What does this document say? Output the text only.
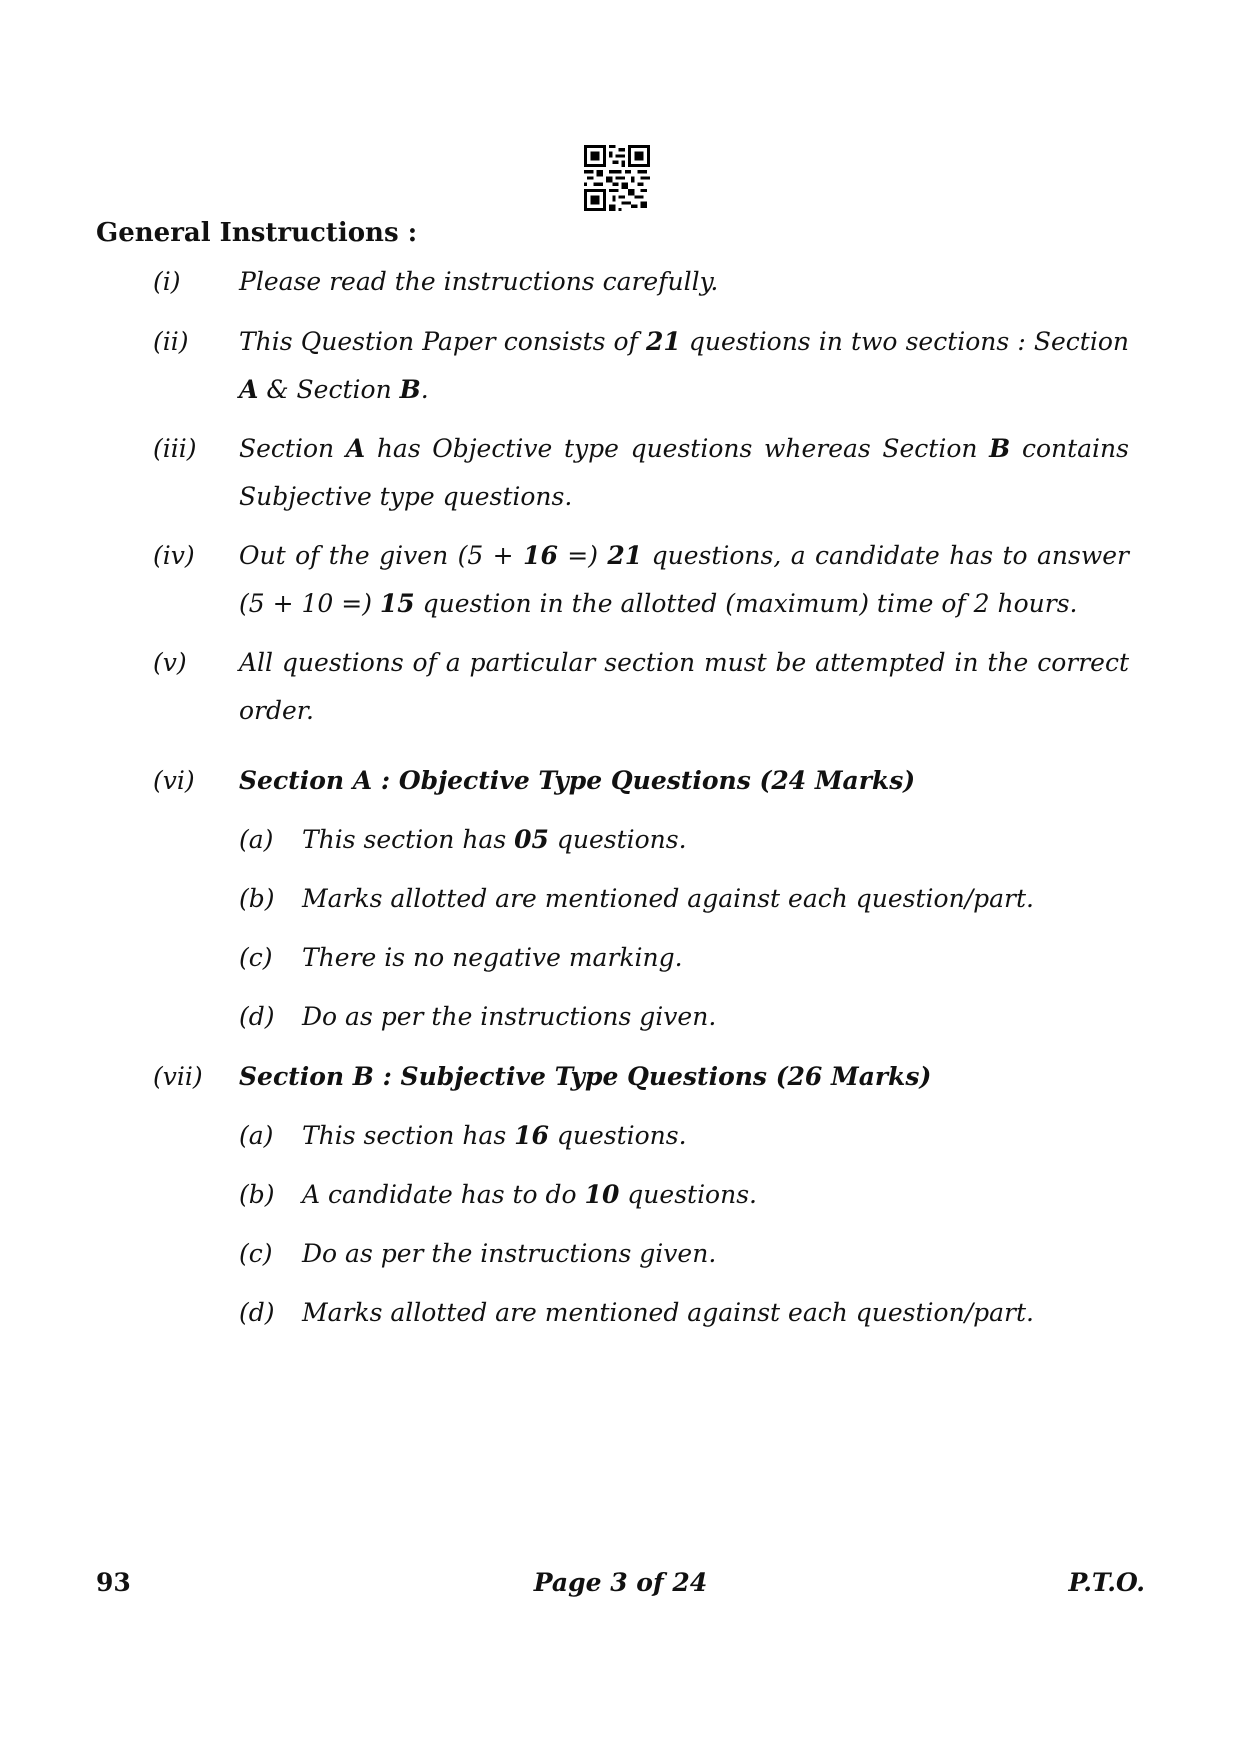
General Instructions :
(i) Please read the instructions carefully.
(ii) This Question Paper consists of 21 questions in two sections : Section A & Section B.
(iii) Section A has Objective type questions whereas Section B contains Subjective type questions.
(iv) Out of the given (5 + 16 =) 21 questions, a candidate has to answer (5 + 10 =) 15 question in the allotted (maximum) time of 2 hours.
(v) All questions of a particular section must be attempted in the correct order.
(vi) Section A : Objective Type Questions (24 Marks)
(a) This section has 05 questions.
(b) Marks allotted are mentioned against each question/part.
(c) There is no negative marking.
(d) Do as per the instructions given.
(vii) Section B : Subjective Type Questions (26 Marks)
(a) This section has 16 questions.
(b) A candidate has to do 10 questions.
(c) Do as per the instructions given.
(d) Marks allotted are mentioned against each question/part.
93	Page 3 of 24	P.T.O.
